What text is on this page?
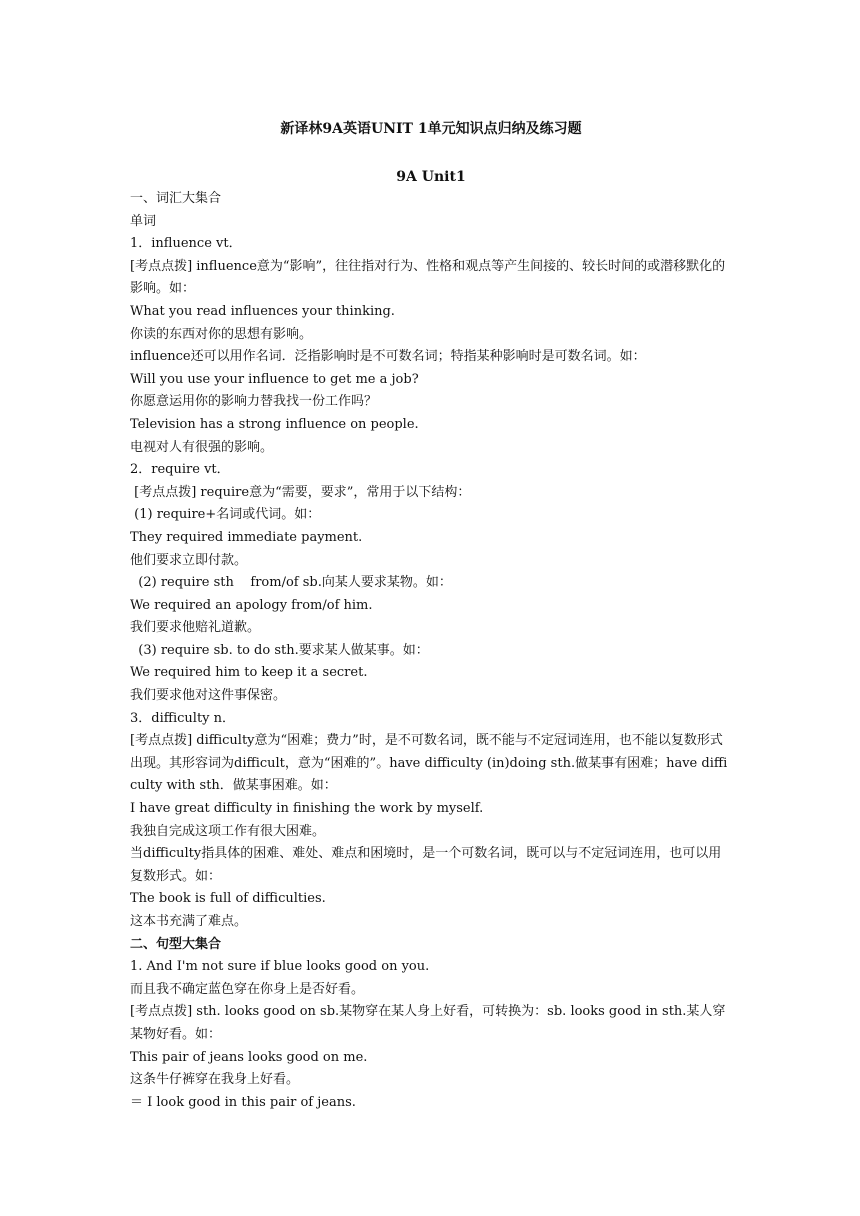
新译林9A英语UNIT 1单元知识点归纳及练习题
9A Unit1
一、词汇大集合
单词
1．influence vt．
[考点点拨] influence意为“影响”，往往指对行为、性格和观点等产生间接的、较长时间的或潜移默化的影响。如：
What you read influences your thinking.
你读的东西对你的思想有影响。
influence还可以用作名词．泛指影响时是不可数名词；特指某种影响时是可数名词。如：
Will you use your influence to get me a job?
你愿意运用你的影响力替我找一份工作吗？
Television has a strong influence on people.
电视对人有很强的影响。
2．require vt．
[考点点拨] require意为“需要，要求”，常用于以下结构：
(1) require+名词或代词。如：
They required immediate payment.
他们要求立即付款。
(2) require sth    from/of sb.向某人要求某物。如：
We required an apology from/of him.
我们要求他赔礼道歉。
(3) require sb. to do sth.要求某人做某事。如：
We required him to keep it a secret.
我们要求他对这件事保密。
3．difficulty n．
[考点点拨] difficulty意为“困难；费力”时，是不可数名词，既不能与不定冠词连用，也不能以复数形式出现。其形容词为difficult，意为“困难的”。have difficulty (in)doing sth.做某事有困难；have difficulty with sth．做某事困难。如：
I have great difficulty in finishing the work by myself.
我独自完成这项工作有很大困难。
当difficulty指具体的困难、难处、难点和困境时，是一个可数名词，既可以与不定冠词连用，也可以用复数形式。如：
The book is full of difficulties.
这本书充满了难点。
二、句型大集合
1. And I'm not sure if blue looks good on you.
而且我不确定蓝色穿在你身上是否好看。
[考点点拨] sth. looks good on sb.某物穿在某人身上好看，可转换为：sb. looks good in sth.某人穿某物好看。如：
This pair of jeans looks good on me.
这条牛仔裤穿在我身上好看。
＝ I look good in this pair of jeans.
